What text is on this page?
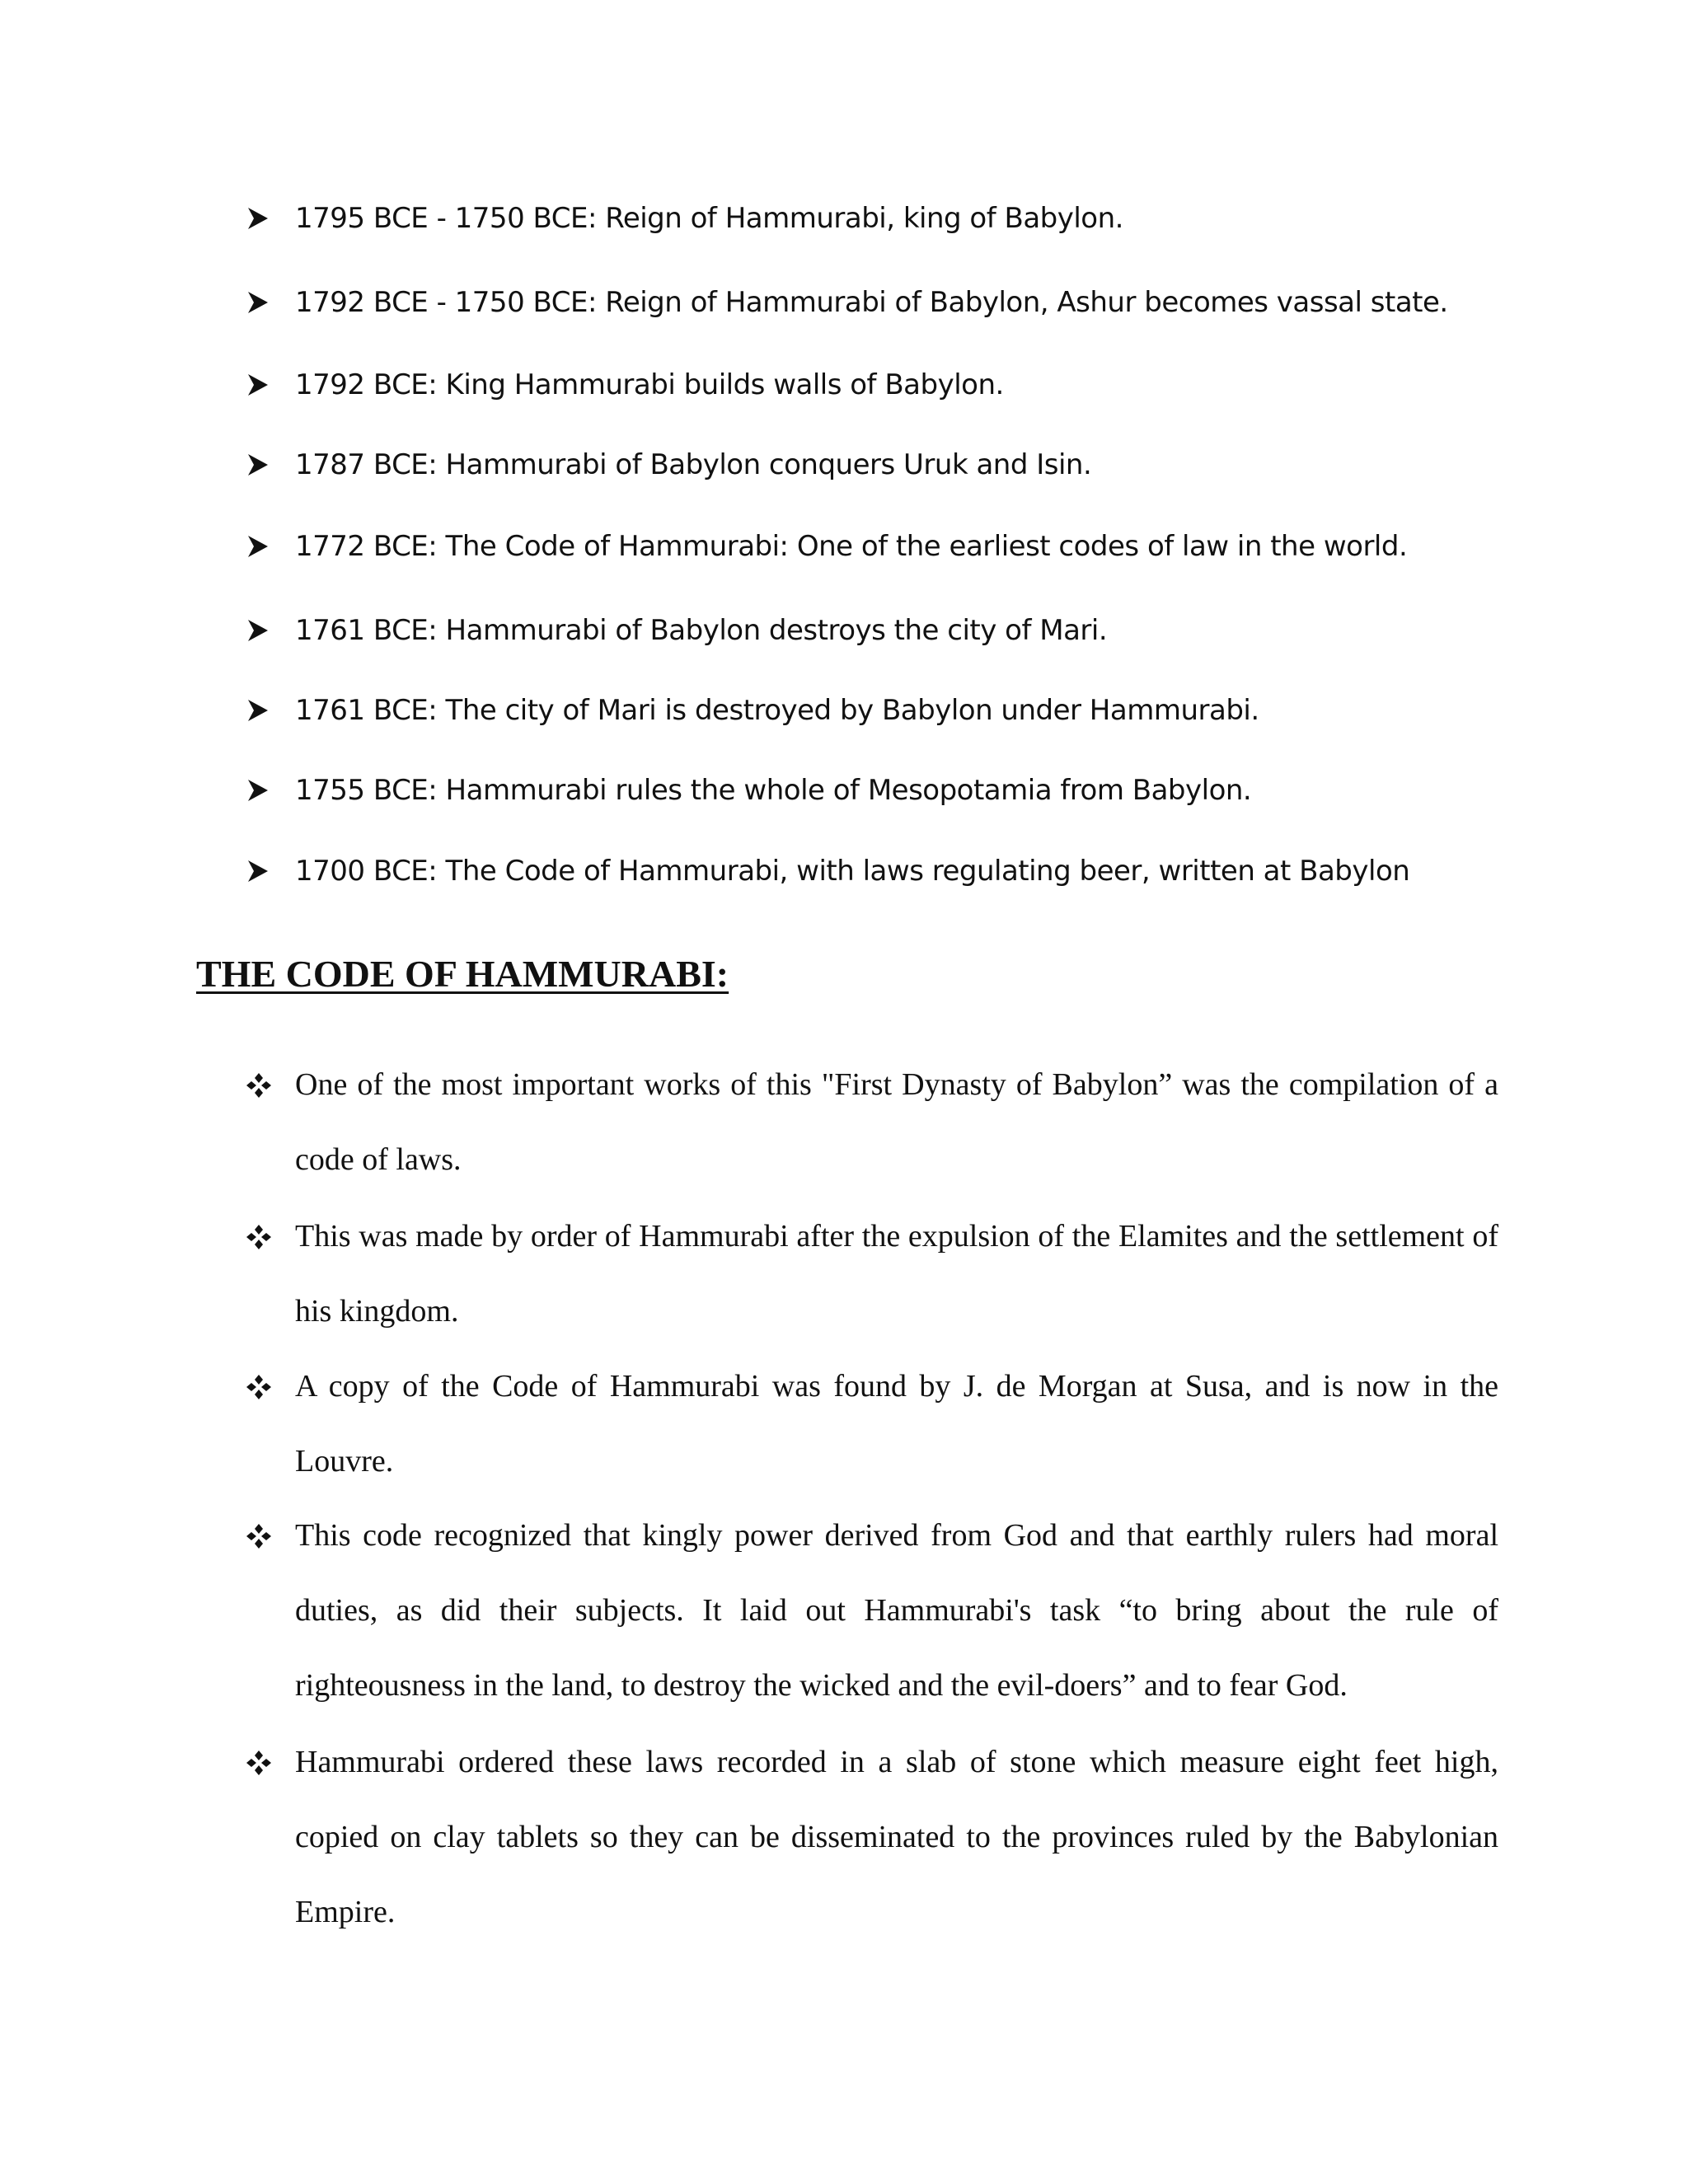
1795 BCE - 1750 BCE: Reign of Hammurabi, king of Babylon.
1792 BCE - 1750 BCE: Reign of Hammurabi of Babylon, Ashur becomes vassal state.
1792 BCE: King Hammurabi builds walls of Babylon.
1787 BCE: Hammurabi of Babylon conquers Uruk and Isin.
1772 BCE: The Code of Hammurabi: One of the earliest codes of law in the world.
1761 BCE: Hammurabi of Babylon destroys the city of Mari.
1761 BCE: The city of Mari is destroyed by Babylon under Hammurabi.
1755 BCE: Hammurabi rules the whole of Mesopotamia from Babylon.
1700 BCE: The Code of Hammurabi, with laws regulating beer, written at Babylon
THE CODE OF HAMMURABI:
One of the most important works of this "First Dynasty of Babylon” was the compilation of a code of laws.
This was made by order of Hammurabi after the expulsion of the Elamites and the settlement of his kingdom.
A copy of the Code of Hammurabi was found by J. de Morgan at Susa, and is now in the Louvre.
This code recognized that kingly power derived from God and that earthly rulers had moral duties, as did their subjects. It laid out Hammurabi's task “to bring about the rule of righteousness in the land, to destroy the wicked and the evil-doers” and to fear God.
Hammurabi ordered these laws recorded in a slab of stone which measure eight feet high, copied on clay tablets so they can be disseminated to the provinces ruled by the Babylonian Empire.
